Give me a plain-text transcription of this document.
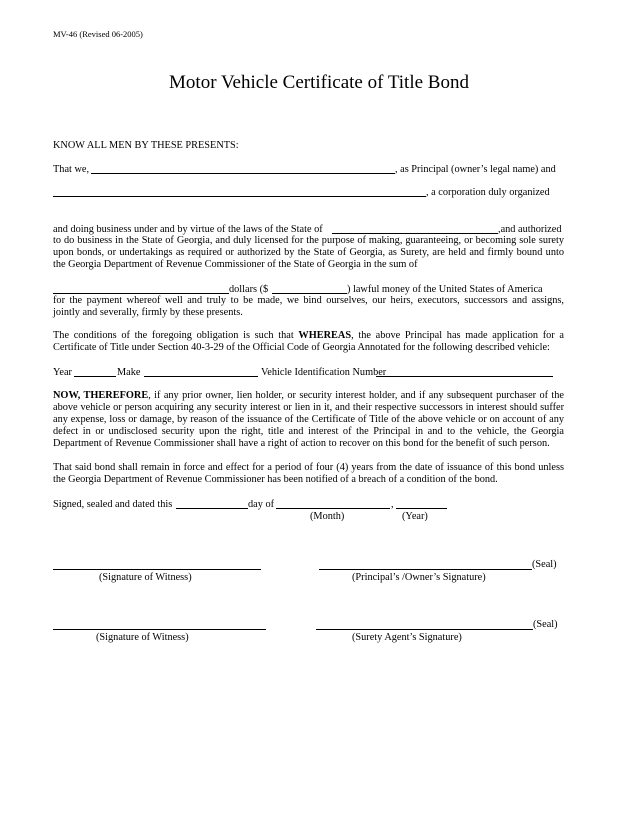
MV-46 (Revised 06-2005)
Motor Vehicle Certificate of Title Bond
KNOW ALL MEN BY THESE PRESENTS:
That we,	, as Principal (owner’s legal name) and
, a corporation duly organized
and doing business under and by virtue of the laws of the State of	,and authorized

to do business in the State of Georgia, and duly licensed for the purpose of making, guaranteeing, or becoming sole surety

upon bonds, or undertakings as required or authorized by the State of Georgia, as Surety, are held and firmly bound unto

the Georgia Department of Revenue Commissioner of the State of Georgia in the sum of

dollars ($	) lawful money of the United States of America

for the payment whereof well and truly to be made, we bind ourselves, our heirs, executors, successors and assigns,

jointly and severally, firmly by these presents.

The conditions of the foregoing obligation is such that WHEREAS, the above Principal has made application for a Certificate of Title under Section 40-3-29 of the Official Code of Georgia Annotated for the following described vehicle:

Year	Make	Vehicle Identification Number

NOW, THEREFORE, if any prior owner, lien holder, or security interest holder, and if any subsequent purchaser of the above vehicle or person acquiring any security interest or lien in it, and their respective successors in interest should suffer any expense, loss or damage, by reason of the issuance of the Certificate of Title of the above vehicle or on account of any defect in or undisclosed security upon the right, title and interest of the Principal in and to the vehicle, the Georgia Department of Revenue Commissioner shall have a right of action to recover on this bond for the benefit of such person.

That said bond shall remain in force and effect for a period of four (4) years from the date of issuance of this bond unless the Georgia Department of Revenue Commissioner has been notified of a breach of a condition of the bond.

Signed, sealed and dated this	day of	,
(Month)	(Year)
(Signature of Witness)
(Seal)
(Principal’s /Owner’s Signature)
(Signature of Witness)
(Seal)
(Surety Agent’s Signature)
